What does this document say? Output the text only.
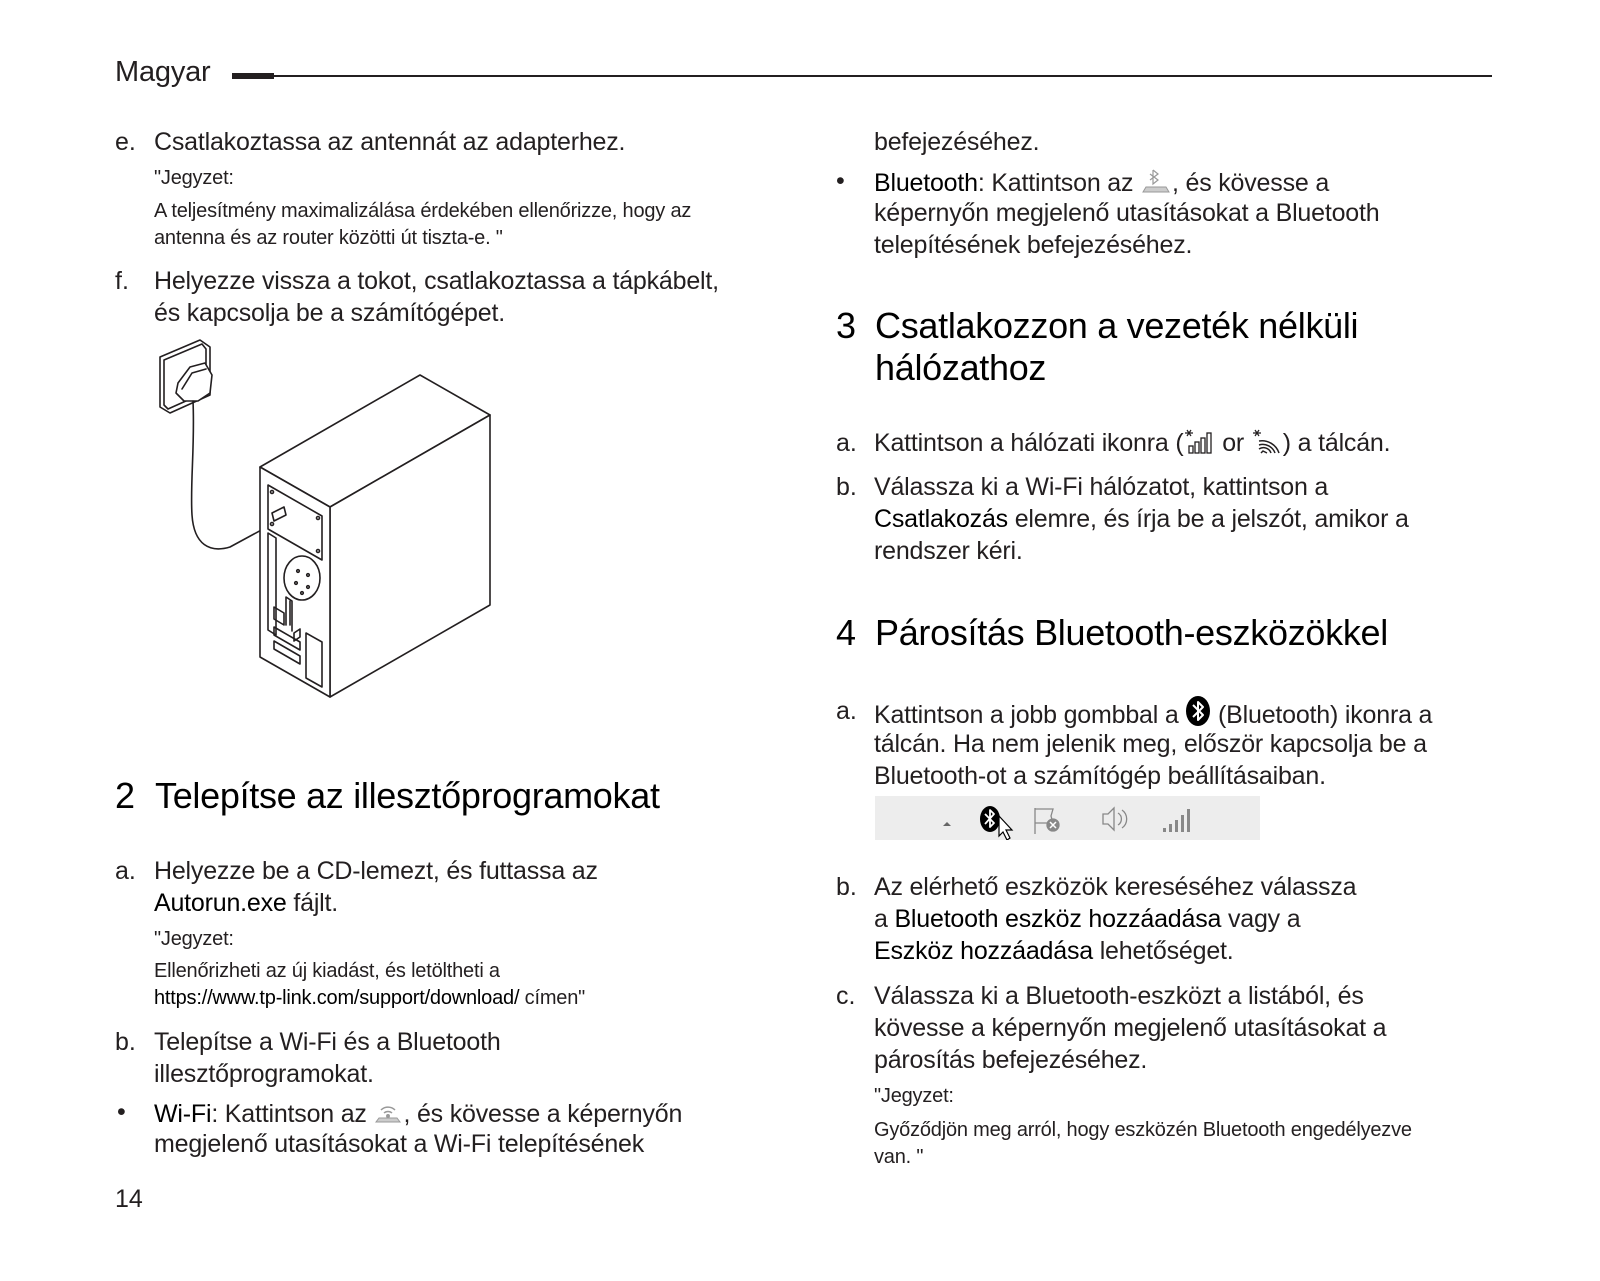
Magyar
e. Csatlakoztassa az antennát az adapterhez.
"Jegyzet:
A teljesítmény maximalizálása érdekében ellenőrizze, hogy az
antenna és az router közötti út tiszta-e. "
f. Helyezze vissza a tokot, csatlakoztassa a tápkábelt,
és kapcsolja be a számítógépet.
2 Telepítse az illesztőprogramokat
a. Helyezze be a CD-lemezt, és futtassa az
Autorun.exe fájlt.
"Jegyzet:
Ellenőrizheti az új kiadást, és letöltheti a
https://www.tp-link.com/support/download/ címen"
b. Telepítse a Wi-Fi és a Bluetooth
illesztőprogramokat.
• Wi-Fi: Kattintson az , és kövesse a képernyőn
megjelenő utasításokat a Wi-Fi telepítésének
14
befejezéséhez.
• Bluetooth: Kattintson az , és kövesse a
képernyőn megjelenő utasításokat a Bluetooth
telepítésének befejezéséhez.
3 Csatlakozzon a vezeték nélküli
hálózathoz
a. Kattintson a hálózati ikonra ( or ) a tálcán.
b. Válassza ki a Wi-Fi hálózatot, kattintson a
Csatlakozás elemre, és írja be a jelszót, amikor a
rendszer kéri.
4 Párosítás Bluetooth-eszközökkel
a. Kattintson a jobb gombbal a  (Bluetooth) ikonra a
tálcán. Ha nem jelenik meg, először kapcsolja be a
Bluetooth-ot a számítógép beállításaiban.
b. Az elérhető eszközök kereséséhez válassza
a Bluetooth eszköz hozzáadása vagy a
Eszköz hozzáadása lehetőséget.
c. Válassza ki a Bluetooth-eszközt a listából, és
kövesse a képernyőn megjelenő utasításokat a
párosítás befejezéséhez.
"Jegyzet:
Győződjön meg arról, hogy eszközén Bluetooth engedélyezve
van. "
